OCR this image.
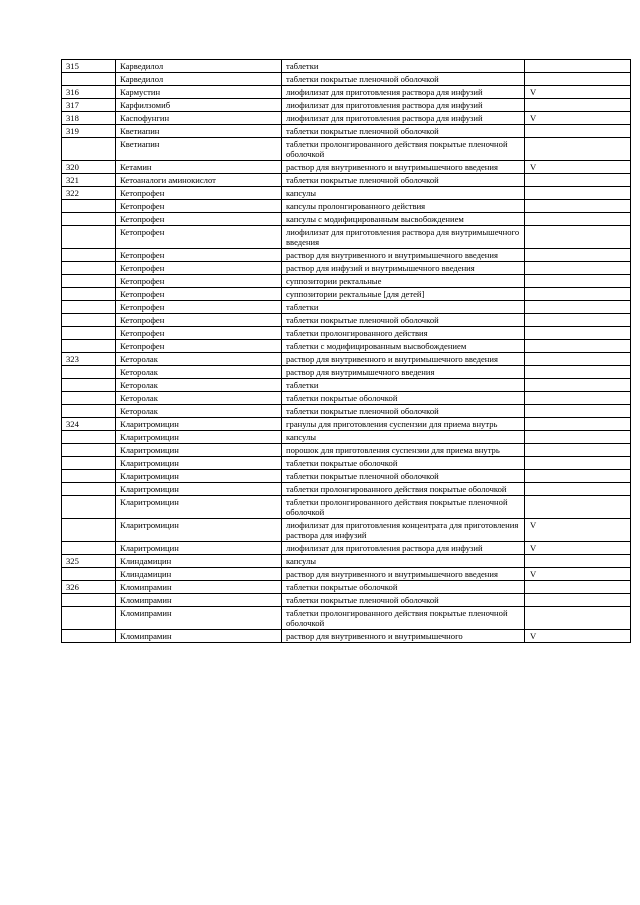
315	Карведилол	таблетки	
	Карведилол	таблетки покрытые пленочной оболочкой	
316	Кармустин	лиофилизат для приготовления раствора для инфузий	V
317	Карфилзомиб	лиофилизат для приготовления раствора для инфузий	
318	Каспофунгин	лиофилизат для приготовления раствора для инфузий	V
319	Кветиапин	таблетки покрытые пленочной оболочкой	
	Кветиапин	таблетки пролонгированного действия покрытые пленочной оболочкой	
320	Кетамин	раствор для внутривенного и внутримышечного введения	V
321	Кетоаналоги аминокислот	таблетки покрытые пленочной оболочкой	
322	Кетопрофен	капсулы	
	Кетопрофен	капсулы пролонгированного действия	
	Кетопрофен	капсулы с модифицированным высвобождением	
	Кетопрофен	лиофилизат для приготовления раствора для внутримышечного введения	
	Кетопрофен	раствор для внутривенного и внутримышечного введения	
	Кетопрофен	раствор для инфузий и внутримышечного введения	
	Кетопрофен	суппозитории ректальные	
	Кетопрофен	суппозитории ректальные [для детей]	
	Кетопрофен	таблетки	
	Кетопрофен	таблетки покрытые пленочной оболочкой	
	Кетопрофен	таблетки пролонгированного действия	
	Кетопрофен	таблетки с модифицированным высвобождением	
323	Кеторолак	раствор для внутривенного и внутримышечного введения	
	Кеторолак	раствор для внутримышечного введения	
	Кеторолак	таблетки	
	Кеторолак	таблетки покрытые оболочкой	
	Кеторолак	таблетки покрытые пленочной оболочкой	
324	Кларитромицин	гранулы для приготовления суспензии для приема внутрь	
	Кларитромицин	капсулы	
	Кларитромицин	порошок для приготовления суспензии для приема внутрь	
	Кларитромицин	таблетки покрытые оболочкой	
	Кларитромицин	таблетки покрытые пленочной оболочкой	
	Кларитромицин	таблетки пролонгированного действия покрытые оболочкой	
	Кларитромицин	таблетки пролонгированного действия покрытые пленочной оболочкой	
	Кларитромицин	лиофилизат для приготовления концентрата для приготовления раствора для инфузий	V
	Кларитромицин	лиофилизат для приготовления раствора для инфузий	V
325	Клиндамицин	капсулы	
	Клиндамицин	раствор для внутривенного и внутримышечного введения	V
326	Кломипрамин	таблетки покрытые оболочкой	
	Кломипрамин	таблетки покрытые пленочной оболочкой	
	Кломипрамин	таблетки пролонгированного действия покрытые пленочной оболочкой	
	Кломипрамин	раствор для внутривенного и внутримышечного	V
